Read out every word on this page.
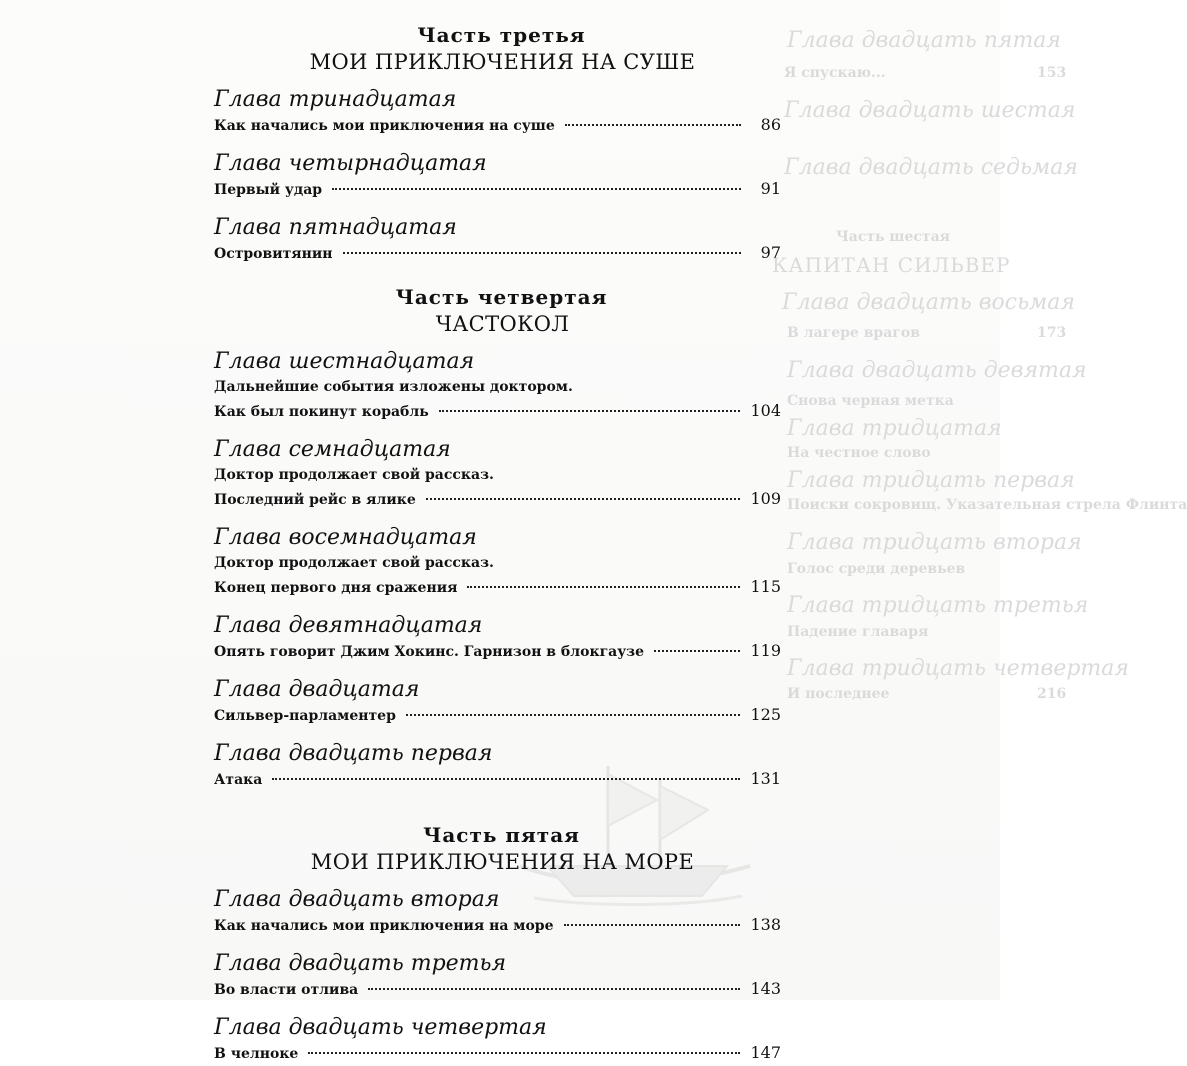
Глава двадцать пятая
Я спускаю...	153
Глава двадцать шестая
Глава двадцать седьмая
Часть шестая
КАПИТАН СИЛЬВЕР
Глава двадцать восьмая
В лагере врагов	173
Глава двадцать девятая
Снова черная метка
Глава тридцатая
На честное слово
Глава тридцать первая
Поиски сокровищ. Указательная стрела Флинта
Глава тридцать вторая
Голос среди деревьев
Глава тридцать третья
Падение главаря
Глава тридцать четвертая
И последнее	216
Часть третья
МОИ ПРИКЛЮЧЕНИЯ НА СУШЕ
Глава тринадцатая
Как начались мои приключения на суше	86
Глава четырнадцатая
Первый удар	91
Глава пятнадцатая
Островитянин	97
Часть четвертая
ЧАСТОКОЛ
Глава шестнадцатая
Дальнейшие события изложены доктором.
Как был покинут корабль	104
Глава семнадцатая
Доктор продолжает свой рассказ.
Последний рейс в ялике	109
Глава восемнадцатая
Доктор продолжает свой рассказ.
Конец первого дня сражения	115
Глава девятнадцатая
Опять говорит Джим Хокинс. Гарнизон в блокгаузе	119
Глава двадцатая
Сильвер-парламентер	125
Глава двадцать первая
Атака	131
Часть пятая
МОИ ПРИКЛЮЧЕНИЯ НА МОРЕ
Глава двадцать вторая
Как начались мои приключения на море	138
Глава двадцать третья
Во власти отлива	143
Глава двадцать четвертая
В челноке	147
